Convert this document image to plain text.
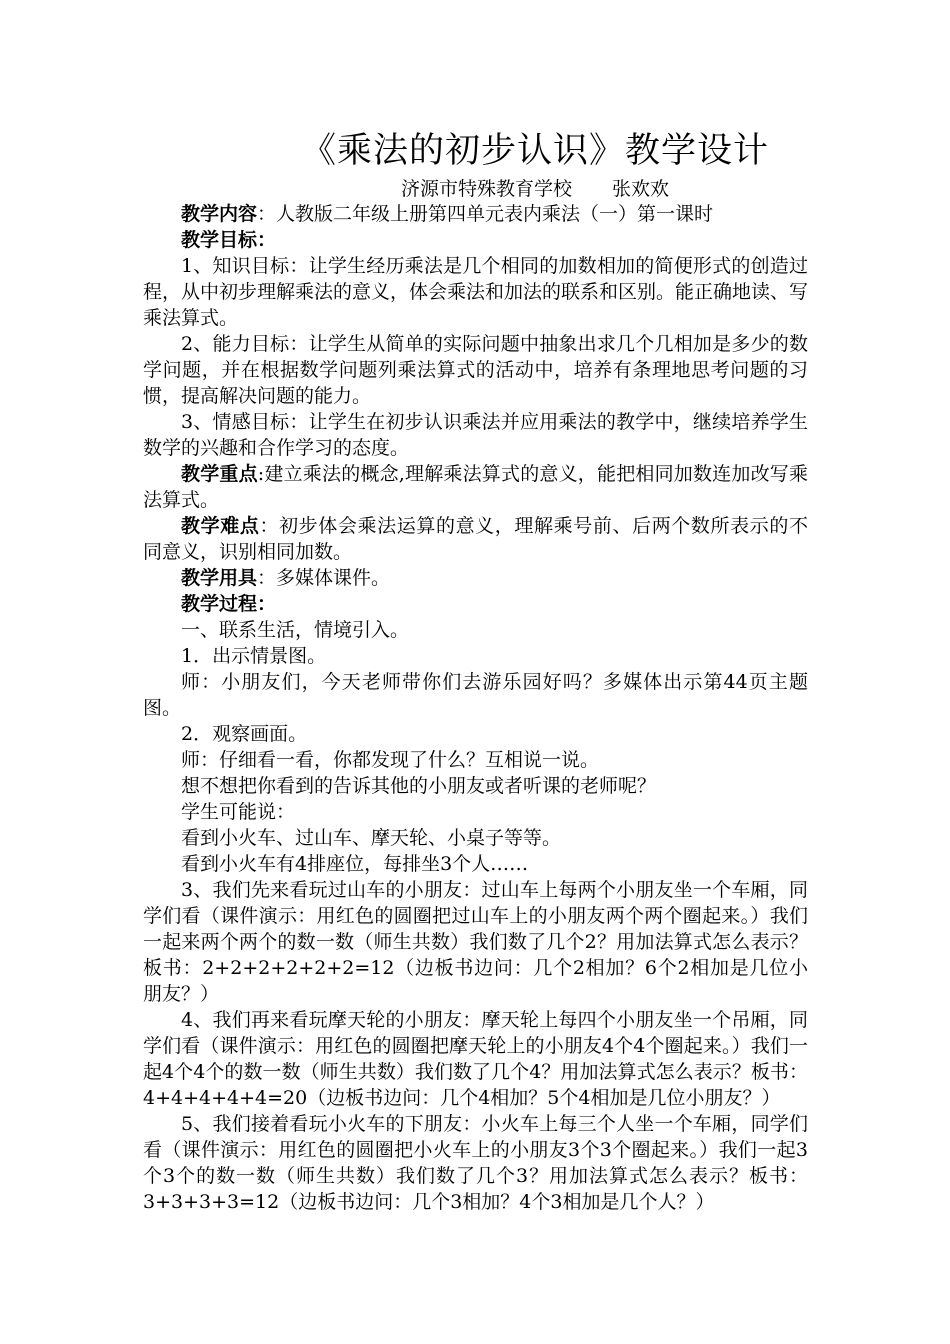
《乘法的初步认识》教学设计
济源市特殊教育学校 张欢欢

教学内容：人教版二年级上册第四单元表内乘法（一）第一课时

教学目标：

1、知识目标：让学生经历乘法是几个相同的加数相加的简便形式的创造过程，从中初步理解乘法的意义，体会乘法和加法的联系和区别。能正确地读、写乘法算式。

2、能力目标：让学生从简单的实际问题中抽象出求几个几相加是多少的数学问题，并在根据数学问题列乘法算式的活动中，培养有条理地思考问题的习惯，提高解决问题的能力。

3、情感目标：让学生在初步认识乘法并应用乘法的教学中，继续培养学生数学的兴趣和合作学习的态度。

教学重点:建立乘法的概念,理解乘法算式的意义，能把相同加数连加改写乘法算式。

教学难点：初步体会乘法运算的意义，理解乘号前、后两个数所表示的不同意义，识别相同加数。

教学用具：多媒体课件。

教学过程：

一、联系生活，情境引入。

1．出示情景图。

师：小朋友们，今天老师带你们去游乐园好吗？多媒体出示第44页主题图。

2．观察画面。

师：仔细看一看，你都发现了什么？互相说一说。

想不想把你看到的告诉其他的小朋友或者听课的老师呢？

学生可能说：

看到小火车、过山车、摩天轮、小桌子等等。

看到小火车有4排座位，每排坐3个人……

3、我们先来看玩过山车的小朋友：过山车上每两个小朋友坐一个车厢，同学们看（课件演示：用红色的圆圈把过山车上的小朋友两个两个圈起来。）我们一起来两个两个的数一数（师生共数）我们数了几个2？用加法算式怎么表示？板书：2+2+2+2+2+2=12（边板书边问：几个2相加？6个2相加是几位小朋友？）

4、我们再来看玩摩天轮的小朋友：摩天轮上每四个小朋友坐一个吊厢，同学们看（课件演示：用红色的圆圈把摩天轮上的小朋友4个4个圈起来。）我们一起4个4个的数一数（师生共数）我们数了几个4？用加法算式怎么表示？板书：4+4+4+4+4=20（边板书边问：几个4相加？5个4相加是几位小朋友？）

5、我们接着看玩小火车的下朋友：小火车上每三个人坐一个车厢，同学们看（课件演示：用红色的圆圈把小火车上的小朋友3个3个圈起来。）我们一起3个3个的数一数（师生共数）我们数了几个3？用加法算式怎么表示？板书：3+3+3+3=12（边板书边问：几个3相加？4个3相加是几个人？）
